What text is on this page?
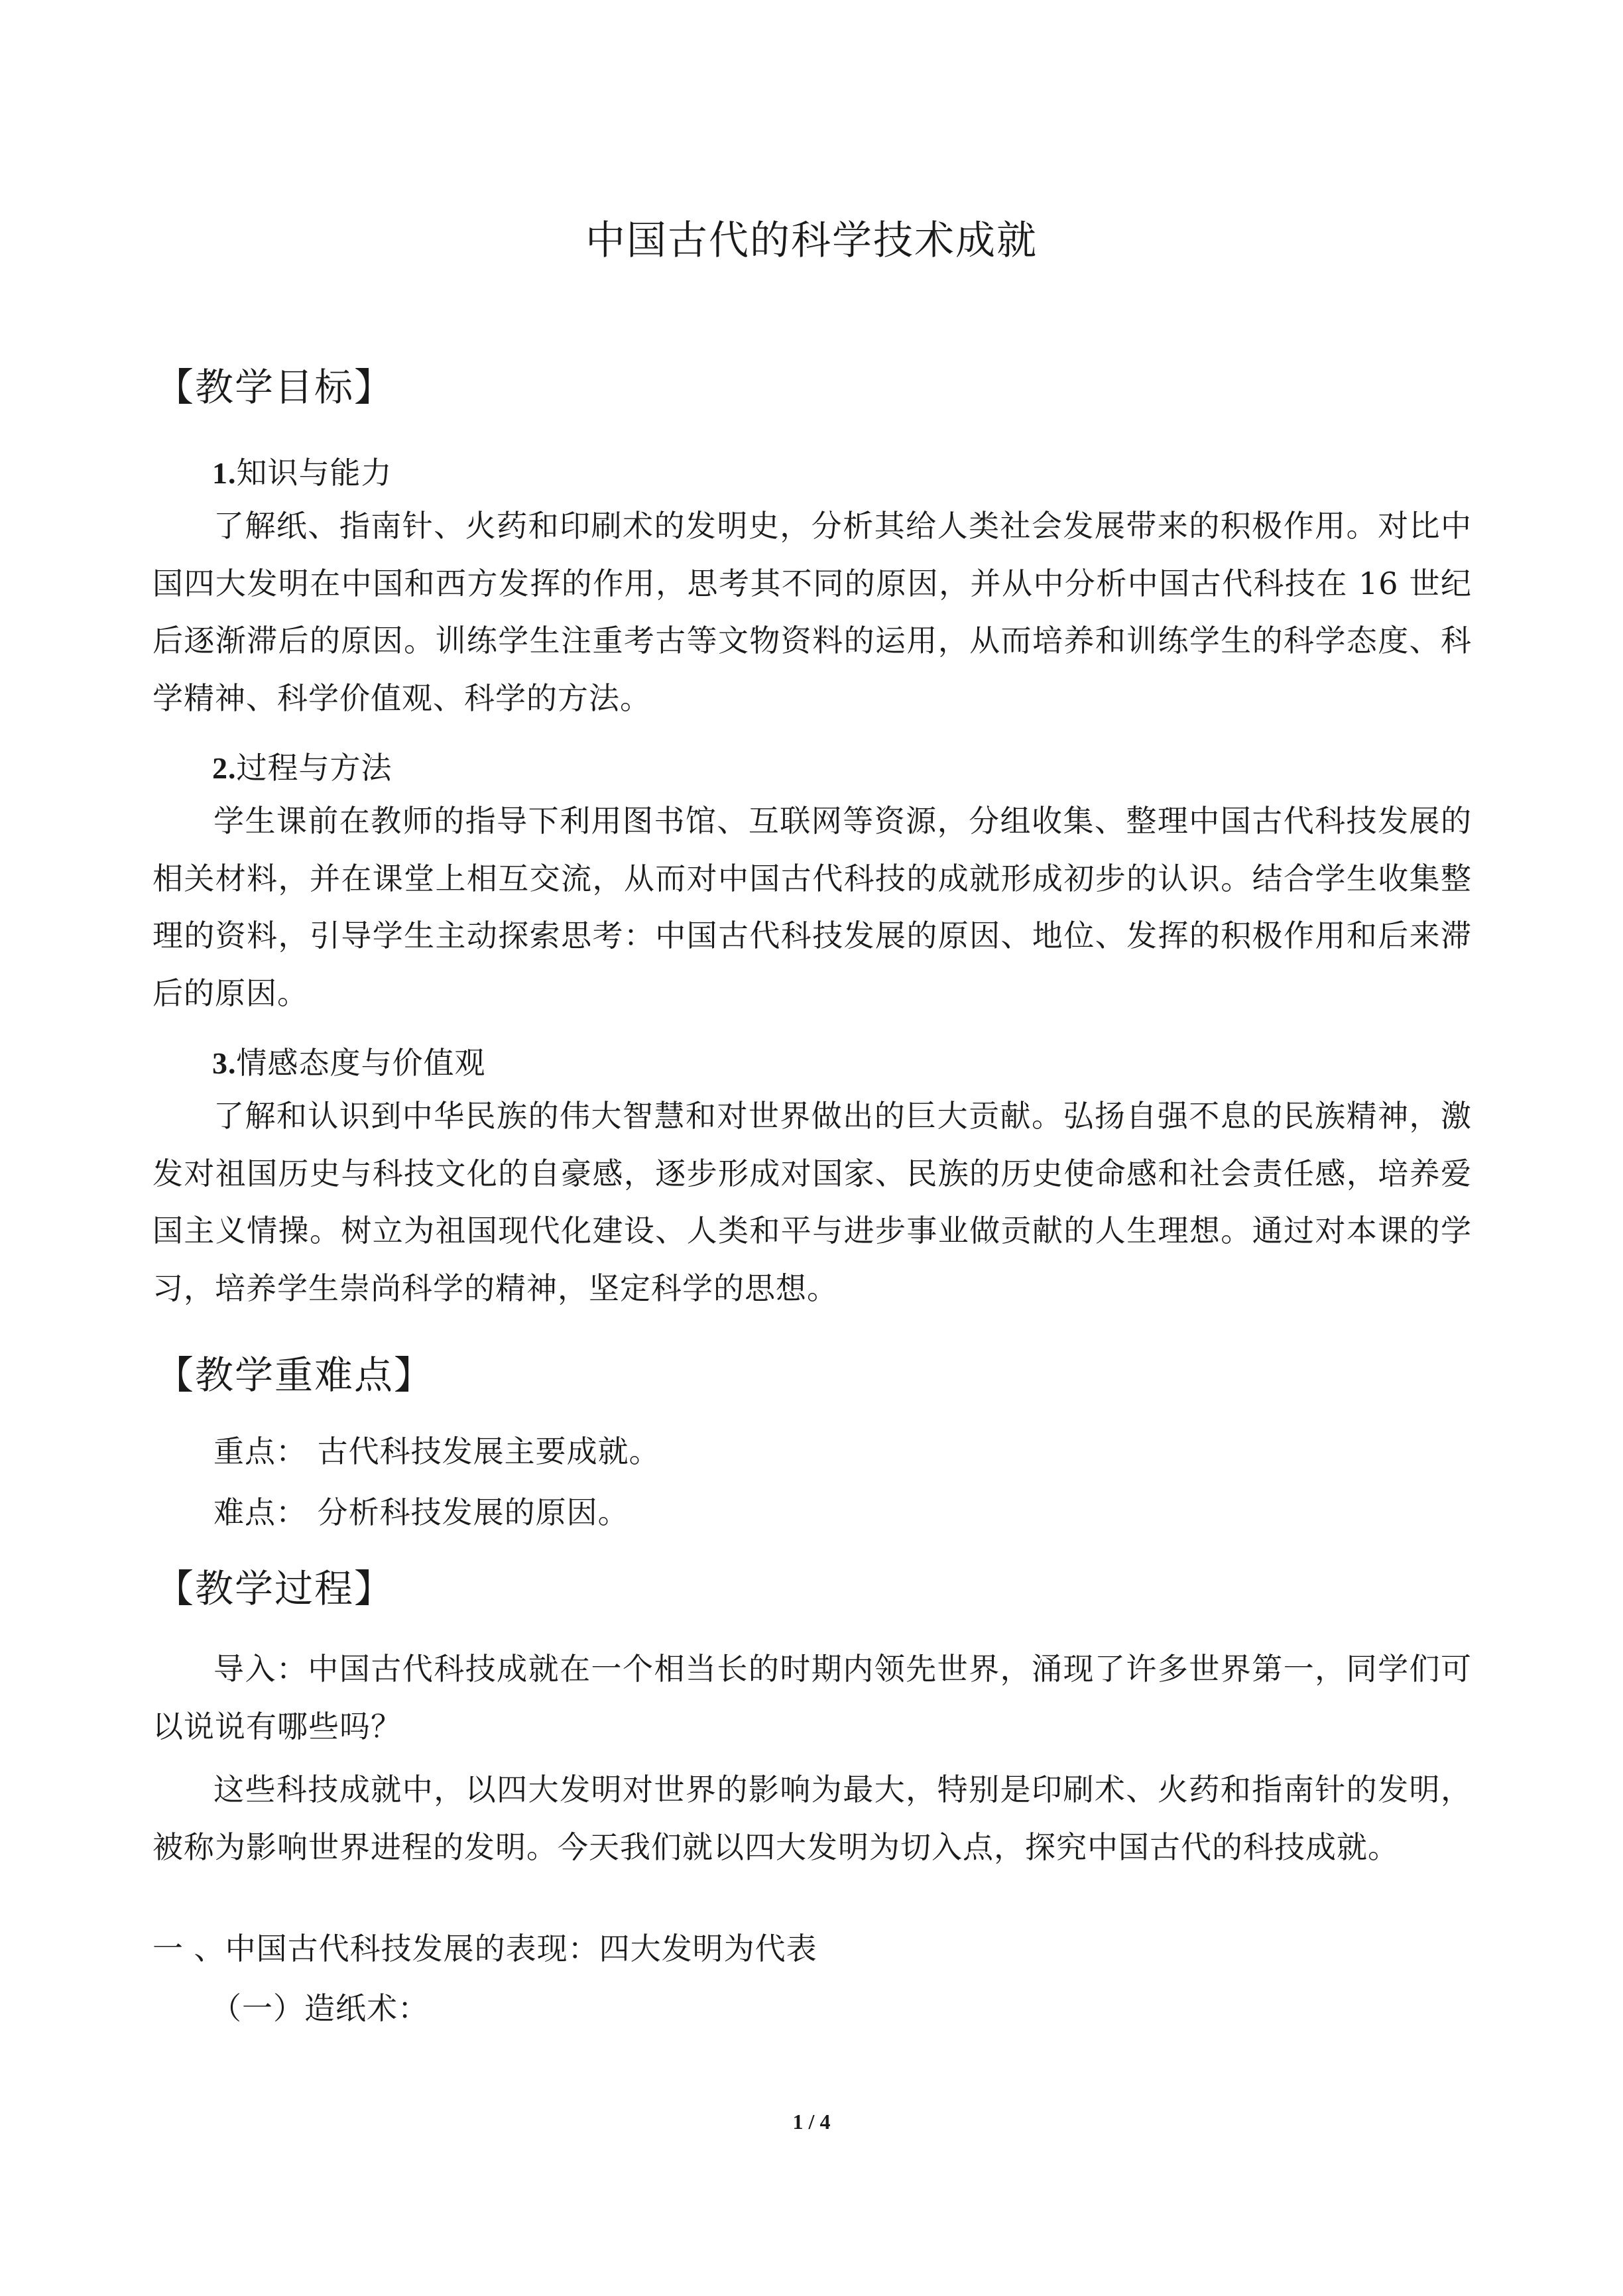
中国古代的科学技术成就
【教学目标】
1.知识与能力
了解纸、指南针、火药和印刷术的发明史，分析其给人类社会发展带来的积极作用。对比中国四大发明在中国和西方发挥的作用，思考其不同的原因，并从中分析中国古代科技在 16 世纪后逐渐滞后的原因。训练学生注重考古等文物资料的运用，从而培养和训练学生的科学态度、科学精神、科学价值观、科学的方法。
2.过程与方法
学生课前在教师的指导下利用图书馆、互联网等资源，分组收集、整理中国古代科技发展的相关材料，并在课堂上相互交流，从而对中国古代科技的成就形成初步的认识。结合学生收集整理的资料，引导学生主动探索思考：中国古代科技发展的原因、地位、发挥的积极作用和后来滞后的原因。
3.情感态度与价值观
了解和认识到中华民族的伟大智慧和对世界做出的巨大贡献。弘扬自强不息的民族精神，激发对祖国历史与科技文化的自豪感，逐步形成对国家、民族的历史使命感和社会责任感，培养爱国主义情操。树立为祖国现代化建设、人类和平与进步事业做贡献的人生理想。通过对本课的学习，培养学生崇尚科学的精神，坚定科学的思想。
【教学重难点】
重点： 古代科技发展主要成就。
难点： 分析科技发展的原因。
【教学过程】
导入：中国古代科技成就在一个相当长的时期内领先世界，涌现了许多世界第一，同学们可以说说有哪些吗？
这些科技成就中，以四大发明对世界的影响为最大，特别是印刷术、火药和指南针的发明，被称为影响世界进程的发明。今天我们就以四大发明为切入点，探究中国古代的科技成就。
一 、中国古代科技发展的表现：四大发明为代表
（一）造纸术：
1 / 4
